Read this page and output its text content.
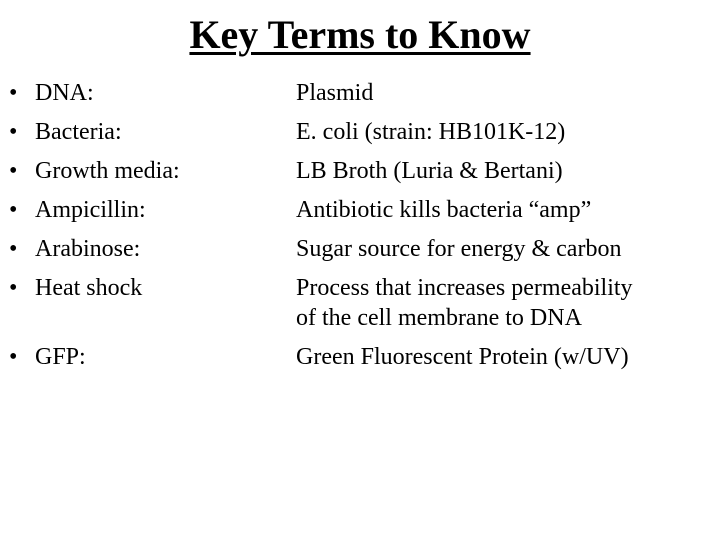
Key Terms to Know
• DNA:	Plasmid
• Bacteria:	E. coli (strain: HB101K-12)
• Growth media:	LB Broth (Luria & Bertani)
• Ampicillin:	Antibiotic kills bacteria “amp”
• Arabinose:	Sugar source for energy & carbon
• Heat shock	Process that increases permeability
of the cell membrane to DNA
• GFP:	Green Fluorescent Protein (w/UV)
